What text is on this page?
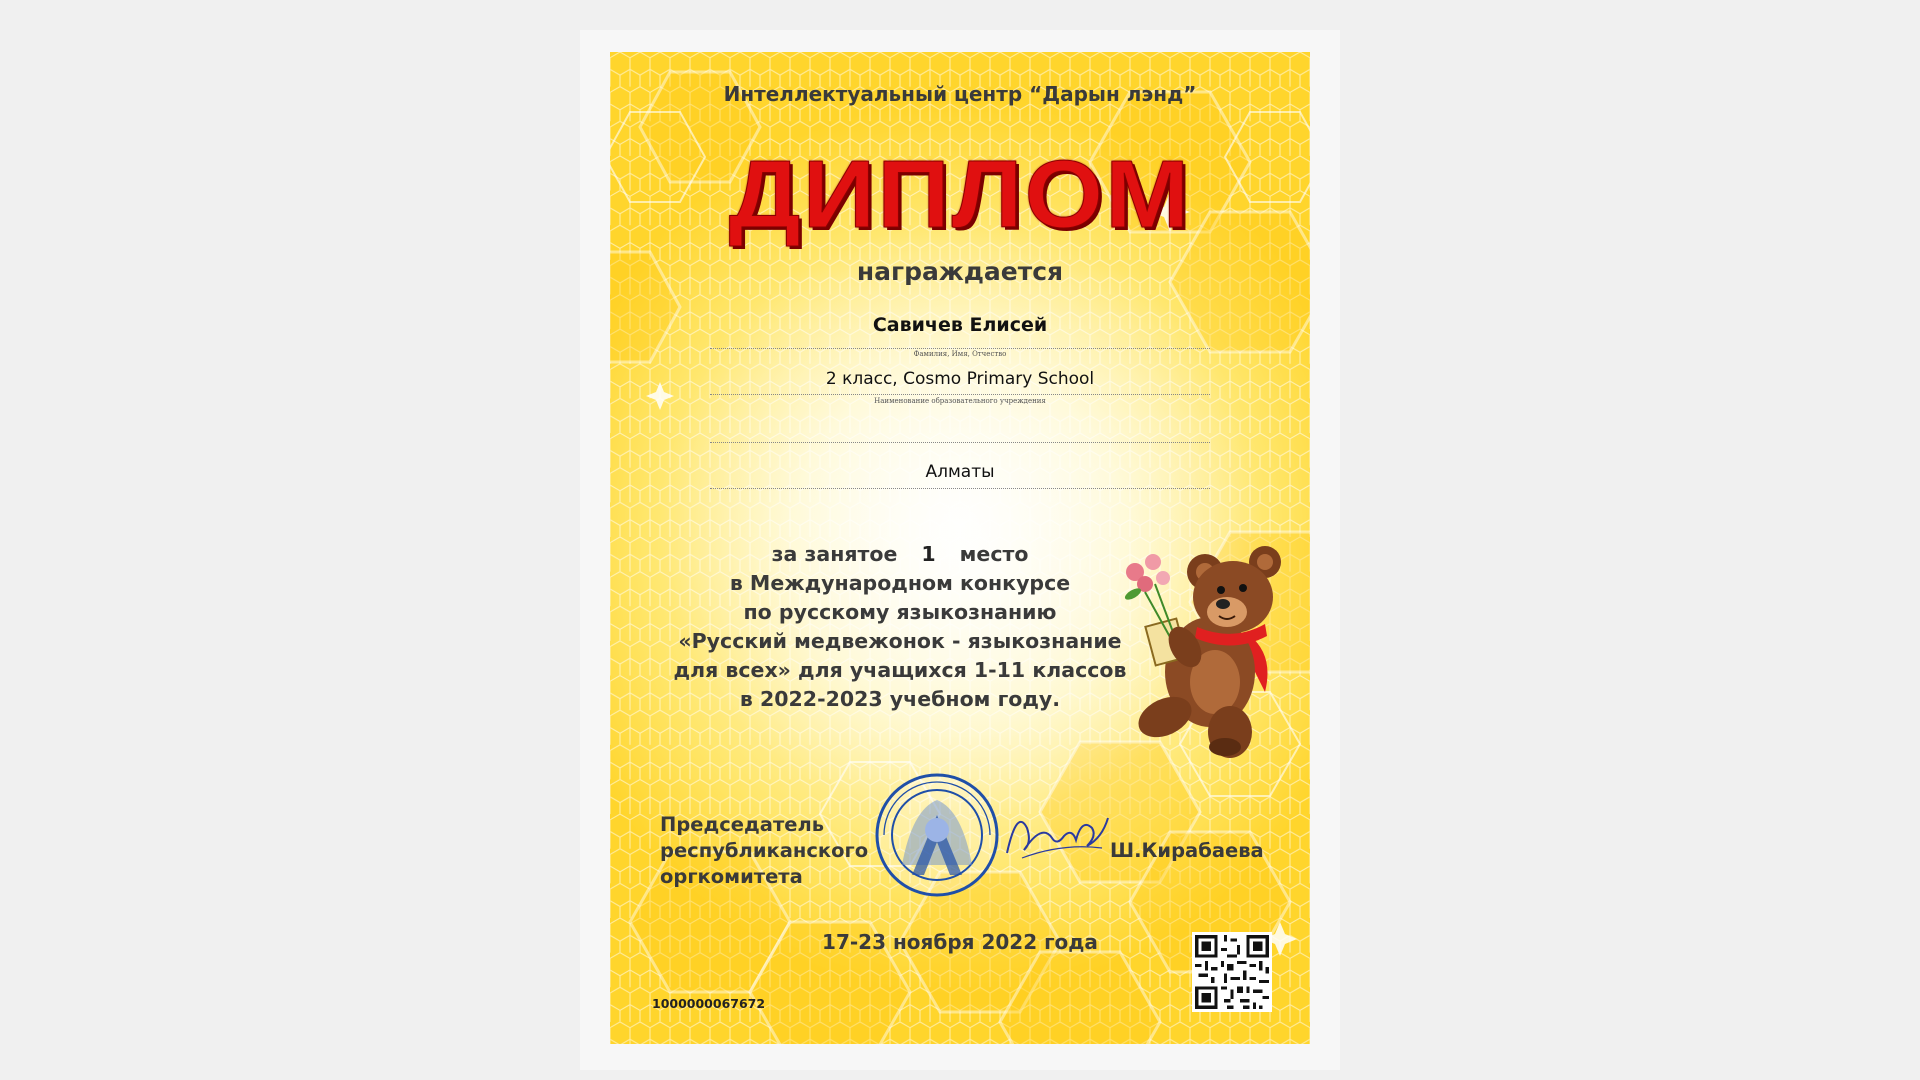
Интеллектуальный центр “Дарын лэнд”
ДИПЛОМ
награждается
Савичев Елисей
Фамилия, Имя, Отчество
2 класс, Cosmo Primary School
Наименование образовательного учреждения
Алматы
за занятое 1 место
в Международном конкурсе
по русскому языкознанию
«Русский медвежонок - языкознание
для всех» для учащихся 1-11 классов
в 2022-2023 учебном году.
Председатель
республиканского
оргкомитета
Ш.Кирабаева
17-23 ноября 2022 года
1000000067672
